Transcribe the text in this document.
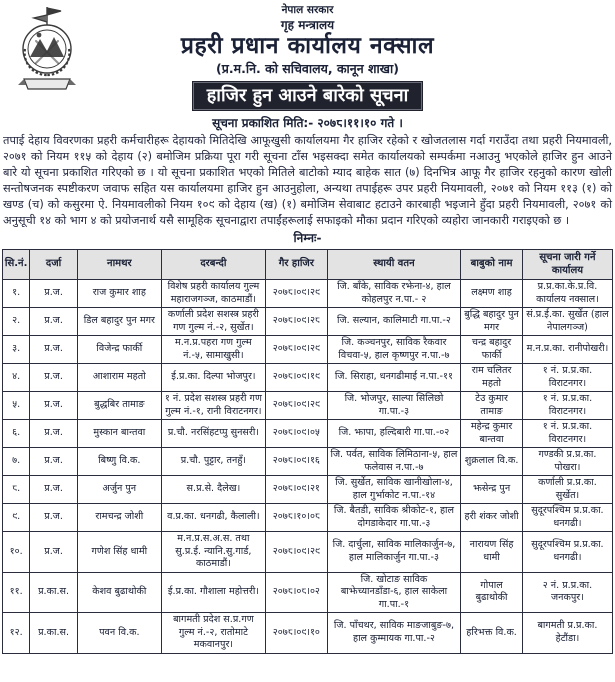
नेपाल सरकार
गृह मन्त्रालय
प्रहरी प्रधान कार्यालय नक्साल
(प्र.म.नि. को सचिवालय, कानून शाखा)
हाजिर हुन आउने बारेको सूचना
सूचना प्रकाशित मिति:- २०७८।११।१० गते ।
तपाई देहाय विवरणका प्रहरी कर्मचारीहरू देहायको मितिदेखि आफूखुसी कार्यालयमा गैर हाजिर रहेको र खोजतलास गर्दा गराउँदा तथा प्रहरी नियमावली, २०७१ को नियम ११५ को देहाय (२) बमोजिम प्रक्रिया पूरा गरी सूचना टाँस भइसक्दा समेत कार्यालयको सम्पर्कमा नआउनु भएकोले हाजिर हुन आउने बारे यो सूचना प्रकाशित गरिएको छ । यो सूचना प्रकाशित भएको मितिले बाटोको म्याद बाहेक सात (७) दिनभित्र आफू गैर हाजिर रहनुको कारण खोली सन्तोषजनक स्पष्टीकरण जवाफ सहित यस कार्यालयमा हाजिर हुन आउनुहोला, अन्यथा तपाईहरू उपर प्रहरी नियमावली, २०७१ को नियम ११३ (१) को खण्ड (च) को कसुरमा ऐ. नियमावलीको नियम १०९ को देहाय (ख) (१) बमोजिम सेवाबाट हटाउने कारबाही भइजाने हुँदा प्रहरी नियमावली, २०७१ को अनुसूची १४ को भाग ४ को प्रयोजनार्थ यसै सामूहिक सूचनाद्वारा तपाईंहरूलाई सफाइको मौका प्रदान गरिएको व्यहोरा जानकारी गराइएको छ ।
निम्नः-
सि.नं.	दर्जा	नामथर	दरबन्दी	गैर हाजिर	स्थायी वतन	बाबुको नाम	सूचना जारी गर्ने कार्यालय
१.	प्र.ज.	राज कुमार शाह	विशेष प्रहरी कार्यालय गुल्म महाराजगञ्ज, काठमाडौं।	२०७८।०९।२९	जि. बाँके, साविक रझेना-४, हाल कोहलपुर न.पा.- २	लक्ष्मण शाह	प्र.प्र.का.के.प्र.वि. कार्यालय नक्साल।
२.	प्र.ज.	डिल बहादुर पुन मगर	कर्णाली प्रदेश सशस्त्र प्रहरी गण गुल्म नं.-२, सुर्खेत।	२०७८।०९।२८	जि. सल्यान, कालिमाटी गा.पा.-२	बुद्धि बहादुर पुन मगर	सं.प्र.ई.का. सुर्खेत (हाल नेपालगञ्ज)
३.	प्र.ज.	विजेन्द्र फार्की	म.न.प्र.पहरा गण गुल्म नं.-५, सामाखुसी।	२०७८।०९।२९	जि. कञ्चनपुर, साविक रैकवार विचवा-५, हाल कृष्णपुर न.पा.-७	चन्द्र बहादुर फार्की	म.न.प्र.का. रानीपोखरी।
४.	प्र.ज.	आशाराम महतो	ई.प्र.का. दिल्पा भोजपुर।	२०७८।०९।१९	जि. सिराहा, धनगढीमाई न.पा.-११	राम चलितर महतो	१ नं. प्र.प्र.का. विराटनगर।
५.	प्र.ज.	बुद्धबिर तामाङ	१ नं. प्रदेश सशस्त्र प्रहरी गण गुल्म नं.-१, रानी विराटनगर।	२०७८।०९।२९	जि. भोजपुर, साल्पा सिलिछो गा.पा.-३	टेउ कुमार तामाङ	१ नं. प्र.प्र.का. विराटनगर।
६.	प्र.ज.	मुस्कान बान्तवा	प्र.चौ. नरसिंहटप्पु सुनसरी।	२०७८।०९।०५	जि. झापा, हल्दिबारी गा.पा.-०२	महेन्द्र कुमार बान्तवा	१ नं. प्र.प्र.का. विराटनगर।
७.	प्र.ज.	बिष्णु वि.क.	प्र.चौ. पुट्टार, तनहुँ।	२०७८।०९।१६	जि. पर्वत, साविक लिमिठाना-५, हाल फलेवास न.पा.-७	शुक्रलाल वि.क.	गण्डकी प्र.प्र.का. पोखरा।
८.	प्र.ज.	अर्जुन पुन	स.प्र.से. दैलेख।	२०७८।०९।२१	जि. सुर्खेत, साविक खानीखोला-४, हाल गुर्भाकोट न.पा.-१४	झसेन्द्र पुन	कर्णाली प्र.प्र.का. सुर्खेत।
९.	प्र.ज.	रामचन्द्र जोशी	व.प्र.का. धनगढी, कैलाली।	२०७८।१०।०८	जि. बैतडी, साविक श्रीकोट-१, हाल दोगडाकेदार गा.पा.-३	हरी शंकर जोशी	सुदूरपश्चिम प्र.प्र.का. धनगढी।
१०.	प्र.ज.	गणेश सिंह धामी	म.न.प्र.स.अ.स. तथा सु.प्र.ई. न्यानि.सु.गार्ड, काठमाडौं।	२०७८।०९।२९	जि. दार्चुला, साविक मालिकार्जुन-७, हाल मालिकार्जुन गा.पा.-३	नारायण सिंह धामी	सुदूरपश्चिम प्र.प्र.का. धनगढी।
११.	प्र.का.स.	केशव बुढाथोकी	ई.प्र.का. गौशाला महोत्तरी।	२०७८।०८।०२	जि. खोटाङ साविक बाझेच्यानडाँडा-६, हाल साकेला गा.पा.-१	गोपाल बुढाथोकी	२ नं. प्र.प्र.का. जनकपुर।
१२.	प्र.का.स.	पवन वि.क.	बागमती प्रदेश स.प्र.गण गुल्म नं.-२, रातोमाटे मकवानपुर।	२०७८।०९।१०	जि. पाँचथर, साविक माङजाबुङ-७, हाल कुम्मायक गा.पा.-२	हरिभक्त वि.क.	बागमती प्र.प्र.का. हेटौंडा।
